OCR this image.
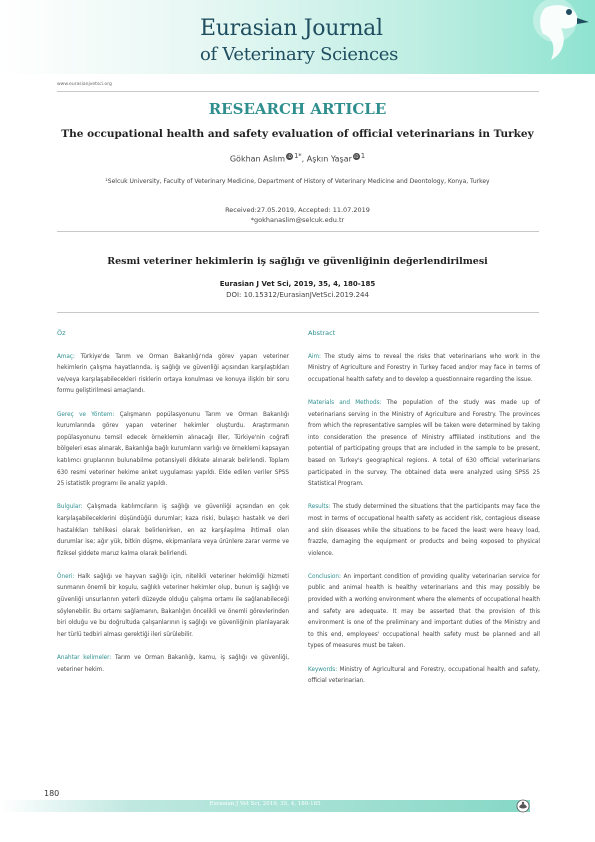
Eurasian Journal
of Veterinary Sciences
www.eurasianjvetsci.org
RESEARCH ARTICLE
The occupational health and safety evaluation of official veterinarians in Turkey
Gökhan Aslım iD $^{1*}$, Aşkın Yaşar iD $^1$
¹Selcuk University, Faculty of Veterinary Medicine, Department of History of Veterinary Medicine and Deontology, Konya, Turkey
Received:27.05.2019, Accepted: 11.07.2019
*gokhanaslim@selcuk.edu.tr
Resmi veteriner hekimlerin iş sağlığı ve güvenliğinin değerlendirilmesi
Eurasian J Vet Sci, 2019, 35, 4, 180-185
DOI: 10.15312/EurasianJVetSci.2019.244
Öz

Amaç: Türkiye'de Tarım ve Orman Bakanlığı'nda görev yapan veteriner hekimlerin çalışma hayatlarında, iş sağlığı ve güvenliği açısından karşılaştıkları ve/veya karşılaşabilecekleri risklerin ortaya konulması ve konuya ilişkin bir soru formu geliştirilmesi amaçlandı.

Gereç ve Yöntem: Çalışmanın popülasyonunu Tarım ve Orman Bakanlığı kurumlarında görev yapan veteriner hekimler oluşturdu. Araştırmanın popülasyonunu temsil edecek örneklemin alınacağı iller, Türkiye'nin coğrafi bölgeleri esas alınarak, Bakanlığa bağlı kurumların varlığı ve örneklemi kapsayan katılımcı gruplarının bulunabilme potansiyeli dikkate alınarak belirlendi. Toplam 630 resmi veteriner hekime anket uygulaması yapıldı. Elde edilen veriler SPSS 25 istatistik programı ile analiz yapıldı.

Bulgular: Çalışmada katılımcıların iş sağlığı ve güvenliği açısından en çok karşılaşabileceklerini düşündüğü durumlar; kaza riski, bulaşıcı hastalık ve deri hastalıkları tehlikesi olarak belirlenirken, en az karşılaşılma ihtimali olan durumlar ise; ağır yük, bitkin düşme, ekipmanlara veya ürünlere zarar verme ve fiziksel şiddete maruz kalma olarak belirlendi.

Öneri: Halk sağlığı ve hayvan sağlığı için, nitelikli veteriner hekimliği hizmeti sunmanın önemli bir koşulu, sağlıklı veteriner hekimler olup, bunun iş sağlığı ve güvenliği unsurlarının yeterli düzeyde olduğu çalışma ortamı ile sağlanabileceği söylenebilir. Bu ortamı sağlamanın, Bakanlığın öncelikli ve önemli görevlerinden biri olduğu ve bu doğrultuda çalışanlarının iş sağlığı ve güvenliğinin planlayarak her türlü tedbiri alması gerektiği ileri sürülebilir.

Anahtar kelimeler: Tarım ve Orman Bakanlığı, kamu, iş sağlığı ve güvenliği, veteriner hekim.

Abstract

Aim: The study aims to reveal the risks that veterinarians who work in the Ministry of Agriculture and Forestry in Turkey faced and/or may face in terms of occupational health safety and to develop a questionnaire regarding the issue.

Materials and Methods: The population of the study was made up of veterinarians serving in the Ministry of Agriculture and Forestry. The provinces from which the representative samples will be taken were determined by taking into consideration the presence of Ministry affiliated institutions and the potential of participating groups that are included in the sample to be present, based on Turkey's geographical regions. A total of 630 official veterinarians participated in the survey. The obtained data were analyzed using SPSS 25 Statistical Program.

Results: The study determined the situations that the participants may face the most in terms of occupational health safety as accident risk, contagious disease and skin diseases while the situations to be faced the least were heavy load, frazzle, damaging the equipment or products and being exposed to physical violence.

Conclusion: An important condition of providing quality veterinarian service for public and animal health is healthy veterinarians and this may possibly be provided with a working environment where the elements of occupational health and safety are adequate. It may be asserted that the provision of this environment is one of the preliminary and important duties of the Ministry and to this end, employees' occupational health safety must be planned and all types of measures must be taken.

Keywords: Ministry of Agricultural and Forestry, occupational health and safety, official veterinarian.

180
Eurasian J Vet Sci, 2019, 35, 4, 180-185
